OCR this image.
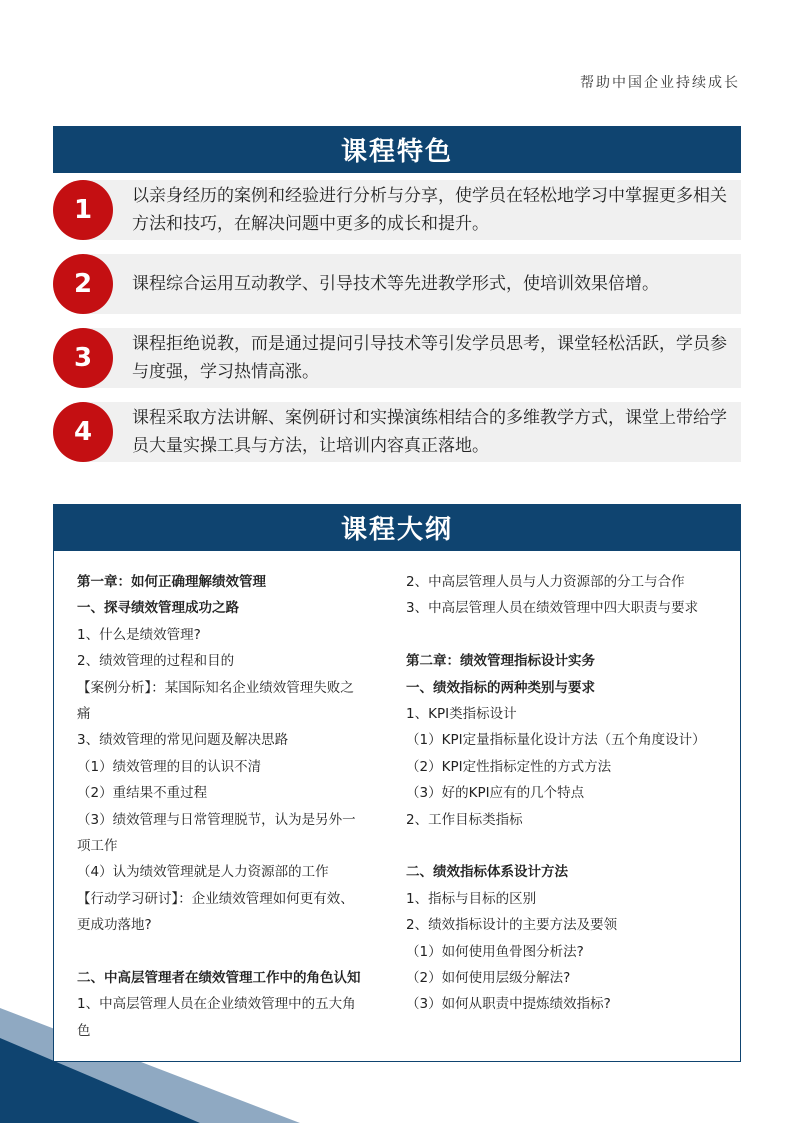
帮助中国企业持续成长
课程特色
1	以亲身经历的案例和经验进行分析与分享，使学员在轻松地学习中掌握更多相关方法和技巧，在解决问题中更多的成长和提升。
2	课程综合运用互动教学、引导技术等先进教学形式，使培训效果倍增。
3	课程拒绝说教，而是通过提问引导技术等引发学员思考，课堂轻松活跃，学员参与度强，学习热情高涨。
4	课程采取方法讲解、案例研讨和实操演练相结合的多维教学方式，课堂上带给学员大量实操工具与方法，让培训内容真正落地。
课程大纲

第一章：如何正确理解绩效管理

一、探寻绩效管理成功之路

1、什么是绩效管理?

2、绩效管理的过程和目的

【案例分析】：某国际知名企业绩效管理失败之痛

3、绩效管理的常见问题及解决思路

（1）绩效管理的目的认识不清

（2）重结果不重过程

（3）绩效管理与日常管理脱节，认为是另外一项工作

（4）认为绩效管理就是人力资源部的工作

【行动学习研讨】：企业绩效管理如何更有效、更成功落地?

二、中高层管理者在绩效管理工作中的角色认知

1、中高层管理人员在企业绩效管理中的五大角色

2、中高层管理人员与人力资源部的分工与合作

3、中高层管理人员在绩效管理中四大职责与要求

第二章：绩效管理指标设计实务

一、绩效指标的两种类别与要求

1、KPI类指标设计

（1）KPI定量指标量化设计方法（五个角度设计）

（2）KPI定性指标定性的方式方法

（3）好的KPI应有的几个特点

2、工作目标类指标

二、绩效指标体系设计方法

1、指标与目标的区别

2、绩效指标设计的主要方法及要领

（1）如何使用鱼骨图分析法?

（2）如何使用层级分解法?

（3）如何从职责中提炼绩效指标?
